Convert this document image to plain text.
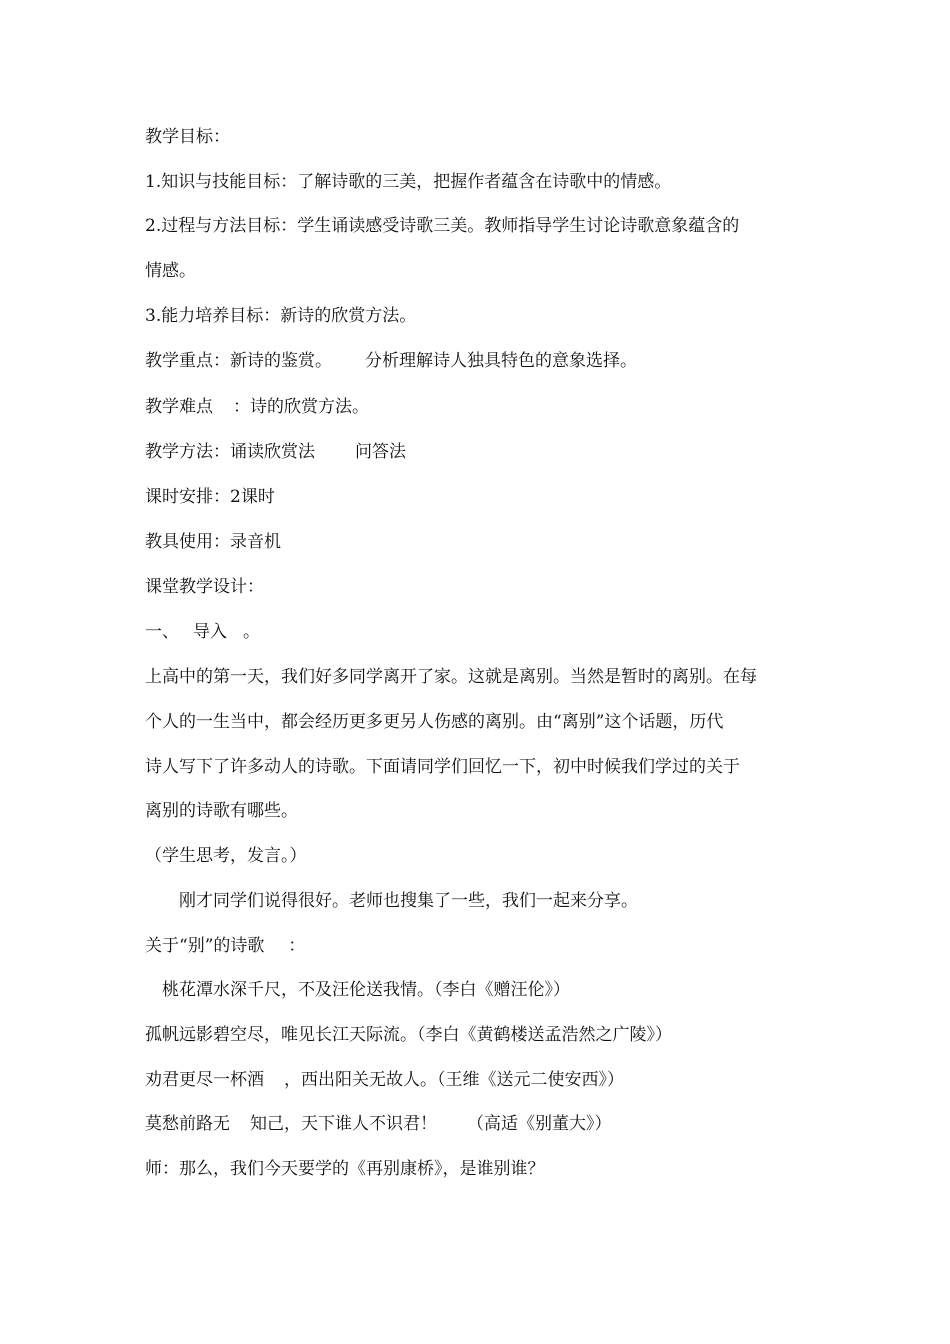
教学目标：
1.知识与技能目标：了解诗歌的三美，把握作者蕴含在诗歌中的情感。
2.过程与方法目标：学生诵读感受诗歌三美。教师指导学生讨论诗歌意象蕴含的
情感。
3.能力培养目标：新诗的欣赏方法。
教学重点：新诗的鉴赏。 分析理解诗人独具特色的意象选择。
教学难点 ：诗的欣赏方法。
教学方法：诵读欣赏法 问答法
课时安排：2课时
教具使用：录音机
课堂教学设计：
一、 导入 。
上高中的第一天，我们好多同学离开了家。这就是离别。当然是暂时的离别。在每
个人的一生当中，都会经历更多更另人伤感的离别。由“离别”这个话题，历代
诗人写下了许多动人的诗歌。下面请同学们回忆一下，初中时候我们学过的关于
离别的诗歌有哪些。
（学生思考，发言。）
刚才同学们说得很好。老师也搜集了一些，我们一起来分享。
关于“别”的诗歌 ：
桃花潭水深千尺，不及汪伦送我情。（李白《赠汪伦》）
孤帆远影碧空尽，唯见长江天际流。（李白《黄鹤楼送孟浩然之广陵》）
劝君更尽一杯酒 ，西出阳关无故人。（王维《送元二使安西》）
莫愁前路无 知己，天下谁人不识君！ （高适《别董大》）
师：那么，我们今天要学的《再别康桥》，是谁别谁？
